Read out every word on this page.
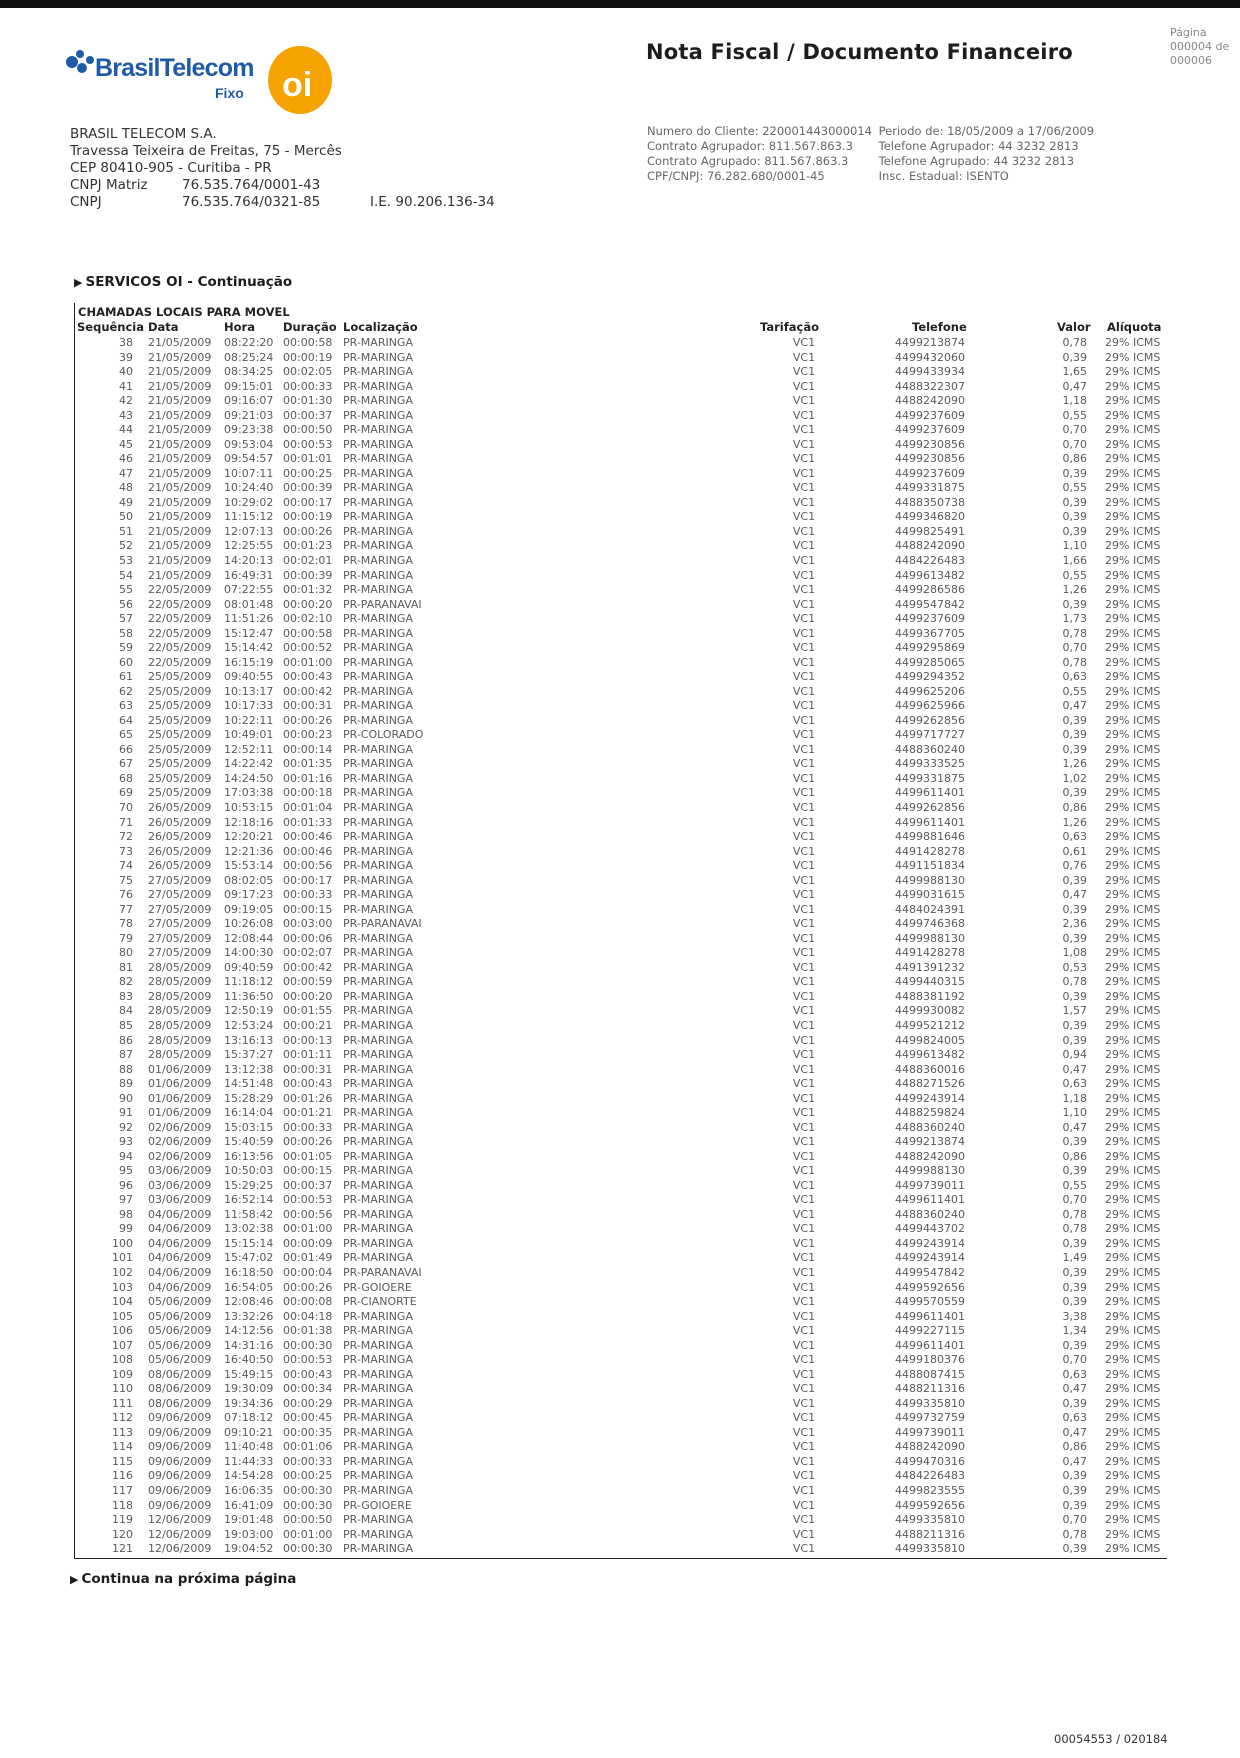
BrasilTelecom
Fixo oi
Nota Fiscal / Documento Financeiro
Página 000004 de 000006
BRASIL TELECOM S.A.
Travessa Teixeira de Freitas, 75 - Mercês
CEP 80410-905 - Curitiba - PR
CNPJ Matriz	76.535.764/0001-43
CNPJ	76.535.764/0321-85	I.E. 90.206.136-34
Numero do Cliente: 220001443000014
Contrato Agrupador: 811.567.863.3
Contrato Agrupado: 811.567.863.3
CPF/CNPJ: 76.282.680/0001-45

Periodo de: 18/05/2009 a 17/06/2009
Telefone Agrupador: 44 3232 2813
Telefone Agrupado: 44 3232 2813
Insc. Estadual: ISENTO
▶ SERVICOS OI - Continuação
CHAMADAS LOCAIS PARA MOVEL
Sequência Data	Hora Duração Localização	Tarifação	Telefone	Valor Alíquota
38 21/05/2009 08:22:20 00:00:58 PR-MARINGA	VC1	4499213874	0,78 29% ICMS
39 21/05/2009 08:25:24 00:00:19 PR-MARINGA	VC1	4499432060	0,39 29% ICMS
40 21/05/2009 08:34:25 00:02:05 PR-MARINGA	VC1	4499433934	1,65 29% ICMS
41 21/05/2009 09:15:01 00:00:33 PR-MARINGA	VC1	4488322307	0,47 29% ICMS
42 21/05/2009 09:16:07 00:01:30 PR-MARINGA	VC1	4488242090	1,18 29% ICMS
43 21/05/2009 09:21:03 00:00:37 PR-MARINGA	VC1	4499237609	0,55 29% ICMS
44 21/05/2009 09:23:38 00:00:50 PR-MARINGA	VC1	4499237609	0,70 29% ICMS
45 21/05/2009 09:53:04 00:00:53 PR-MARINGA	VC1	4499230856	0,70 29% ICMS
46 21/05/2009 09:54:57 00:01:01 PR-MARINGA	VC1	4499230856	0,86 29% ICMS
47 21/05/2009 10:07:11 00:00:25 PR-MARINGA	VC1	4499237609	0,39 29% ICMS
48 21/05/2009 10:24:40 00:00:39 PR-MARINGA	VC1	4499331875	0,55 29% ICMS
49 21/05/2009 10:29:02 00:00:17 PR-MARINGA	VC1	4488350738	0,39 29% ICMS
50 21/05/2009 11:15:12 00:00:19 PR-MARINGA	VC1	4499346820	0,39 29% ICMS
51 21/05/2009 12:07:13 00:00:26 PR-MARINGA	VC1	4499825491	0,39 29% ICMS
52 21/05/2009 12:25:55 00:01:23 PR-MARINGA	VC1	4488242090	1,10 29% ICMS
53 21/05/2009 14:20:13 00:02:01 PR-MARINGA	VC1	4484226483	1,66 29% ICMS
54 21/05/2009 16:49:31 00:00:39 PR-MARINGA	VC1	4499613482	0,55 29% ICMS
55 22/05/2009 07:22:55 00:01:32 PR-MARINGA	VC1	4499286586	1,26 29% ICMS
56 22/05/2009 08:01:48 00:00:20 PR-PARANAVAI	VC1	4499547842	0,39 29% ICMS
57 22/05/2009 11:51:26 00:02:10 PR-MARINGA	VC1	4499237609	1,73 29% ICMS
58 22/05/2009 15:12:47 00:00:58 PR-MARINGA	VC1	4499367705	0,78 29% ICMS
59 22/05/2009 15:14:42 00:00:52 PR-MARINGA	VC1	4499295869	0,70 29% ICMS
60 22/05/2009 16:15:19 00:01:00 PR-MARINGA	VC1	4499285065	0,78 29% ICMS
61 25/05/2009 09:40:55 00:00:43 PR-MARINGA	VC1	4499294352	0,63 29% ICMS
62 25/05/2009 10:13:17 00:00:42 PR-MARINGA	VC1	4499625206	0,55 29% ICMS
63 25/05/2009 10:17:33 00:00:31 PR-MARINGA	VC1	4499625966	0,47 29% ICMS
64 25/05/2009 10:22:11 00:00:26 PR-MARINGA	VC1	4499262856	0,39 29% ICMS
65 25/05/2009 10:49:01 00:00:23 PR-COLORADO	VC1	4499717727	0,39 29% ICMS
66 25/05/2009 12:52:11 00:00:14 PR-MARINGA	VC1	4488360240	0,39 29% ICMS
67 25/05/2009 14:22:42 00:01:35 PR-MARINGA	VC1	4499333525	1,26 29% ICMS
68 25/05/2009 14:24:50 00:01:16 PR-MARINGA	VC1	4499331875	1,02 29% ICMS
69 25/05/2009 17:03:38 00:00:18 PR-MARINGA	VC1	4499611401	0,39 29% ICMS
70 26/05/2009 10:53:15 00:01:04 PR-MARINGA	VC1	4499262856	0,86 29% ICMS
71 26/05/2009 12:18:16 00:01:33 PR-MARINGA	VC1	4499611401	1,26 29% ICMS
72 26/05/2009 12:20:21 00:00:46 PR-MARINGA	VC1	4499881646	0,63 29% ICMS
73 26/05/2009 12:21:36 00:00:46 PR-MARINGA	VC1	4491428278	0,61 29% ICMS
74 26/05/2009 15:53:14 00:00:56 PR-MARINGA	VC1	4491151834	0,76 29% ICMS
75 27/05/2009 08:02:05 00:00:17 PR-MARINGA	VC1	4499988130	0,39 29% ICMS
76 27/05/2009 09:17:23 00:00:33 PR-MARINGA	VC1	4499031615	0,47 29% ICMS
77 27/05/2009 09:19:05 00:00:15 PR-MARINGA	VC1	4484024391	0,39 29% ICMS
78 27/05/2009 10:26:08 00:03:00 PR-PARANAVAI	VC1	4499746368	2,36 29% ICMS
79 27/05/2009 12:08:44 00:00:06 PR-MARINGA	VC1	4499988130	0,39 29% ICMS
80 27/05/2009 14:00:30 00:02:07 PR-MARINGA	VC1	4491428278	1,08 29% ICMS
81 28/05/2009 09:40:59 00:00:42 PR-MARINGA	VC1	4491391232	0,53 29% ICMS
82 28/05/2009 11:18:12 00:00:59 PR-MARINGA	VC1	4499440315	0,78 29% ICMS
83 28/05/2009 11:36:50 00:00:20 PR-MARINGA	VC1	4488381192	0,39 29% ICMS
84 28/05/2009 12:50:19 00:01:55 PR-MARINGA	VC1	4499930082	1,57 29% ICMS
85 28/05/2009 12:53:24 00:00:21 PR-MARINGA	VC1	4499521212	0,39 29% ICMS
86 28/05/2009 13:16:13 00:00:13 PR-MARINGA	VC1	4499824005	0,39 29% ICMS
87 28/05/2009 15:37:27 00:01:11 PR-MARINGA	VC1	4499613482	0,94 29% ICMS
88 01/06/2009 13:12:38 00:00:31 PR-MARINGA	VC1	4488360016	0,47 29% ICMS
89 01/06/2009 14:51:48 00:00:43 PR-MARINGA	VC1	4488271526	0,63 29% ICMS
90 01/06/2009 15:28:29 00:01:26 PR-MARINGA	VC1	4499243914	1,18 29% ICMS
91 01/06/2009 16:14:04 00:01:21 PR-MARINGA	VC1	4488259824	1,10 29% ICMS
92 02/06/2009 15:03:15 00:00:33 PR-MARINGA	VC1	4488360240	0,47 29% ICMS
93 02/06/2009 15:40:59 00:00:26 PR-MARINGA	VC1	4499213874	0,39 29% ICMS
94 02/06/2009 16:13:56 00:01:05 PR-MARINGA	VC1	4488242090	0,86 29% ICMS
95 03/06/2009 10:50:03 00:00:15 PR-MARINGA	VC1	4499988130	0,39 29% ICMS
96 03/06/2009 15:29:25 00:00:37 PR-MARINGA	VC1	4499739011	0,55 29% ICMS
97 03/06/2009 16:52:14 00:00:53 PR-MARINGA	VC1	4499611401	0,70 29% ICMS
98 04/06/2009 11:58:42 00:00:56 PR-MARINGA	VC1	4488360240	0,78 29% ICMS
99 04/06/2009 13:02:38 00:01:00 PR-MARINGA	VC1	4499443702	0,78 29% ICMS
100 04/06/2009 15:15:14 00:00:09 PR-MARINGA	VC1	4499243914	0,39 29% ICMS
101 04/06/2009 15:47:02 00:01:49 PR-MARINGA	VC1	4499243914	1,49 29% ICMS
102 04/06/2009 16:18:50 00:00:04 PR-PARANAVAI	VC1	4499547842	0,39 29% ICMS
103 04/06/2009 16:54:05 00:00:26 PR-GOIOERE	VC1	4499592656	0,39 29% ICMS
104 05/06/2009 12:08:46 00:00:08 PR-CIANORTE	VC1	4499570559	0,39 29% ICMS
105 05/06/2009 13:32:26 00:04:18 PR-MARINGA	VC1	4499611401	3,38 29% ICMS
106 05/06/2009 14:12:56 00:01:38 PR-MARINGA	VC1	4499227115	1,34 29% ICMS
107 05/06/2009 14:31:16 00:00:30 PR-MARINGA	VC1	4499611401	0,39 29% ICMS
108 05/06/2009 16:40:50 00:00:53 PR-MARINGA	VC1	4499180376	0,70 29% ICMS
109 08/06/2009 15:49:15 00:00:43 PR-MARINGA	VC1	4488087415	0,63 29% ICMS
110 08/06/2009 19:30:09 00:00:34 PR-MARINGA	VC1	4488211316	0,47 29% ICMS
111 08/06/2009 19:34:36 00:00:29 PR-MARINGA	VC1	4499335810	0,39 29% ICMS
112 09/06/2009 07:18:12 00:00:45 PR-MARINGA	VC1	4499732759	0,63 29% ICMS
113 09/06/2009 09:10:21 00:00:35 PR-MARINGA	VC1	4499739011	0,47 29% ICMS
114 09/06/2009 11:40:48 00:01:06 PR-MARINGA	VC1	4488242090	0,86 29% ICMS
115 09/06/2009 11:44:33 00:00:33 PR-MARINGA	VC1	4499470316	0,47 29% ICMS
116 09/06/2009 14:54:28 00:00:25 PR-MARINGA	VC1	4484226483	0,39 29% ICMS
117 09/06/2009 16:06:35 00:00:30 PR-MARINGA	VC1	4499823555	0,39 29% ICMS
118 09/06/2009 16:41:09 00:00:30 PR-GOIOERE	VC1	4499592656	0,39 29% ICMS
119 12/06/2009 19:01:48 00:00:50 PR-MARINGA	VC1	4499335810	0,70 29% ICMS
120 12/06/2009 19:03:00 00:01:00 PR-MARINGA	VC1	4488211316	0,78 29% ICMS
121 12/06/2009 19:04:52 00:00:30 PR-MARINGA	VC1	4499335810	0,39 29% ICMS
▶ Continua na próxima página
00054553 / 020184
